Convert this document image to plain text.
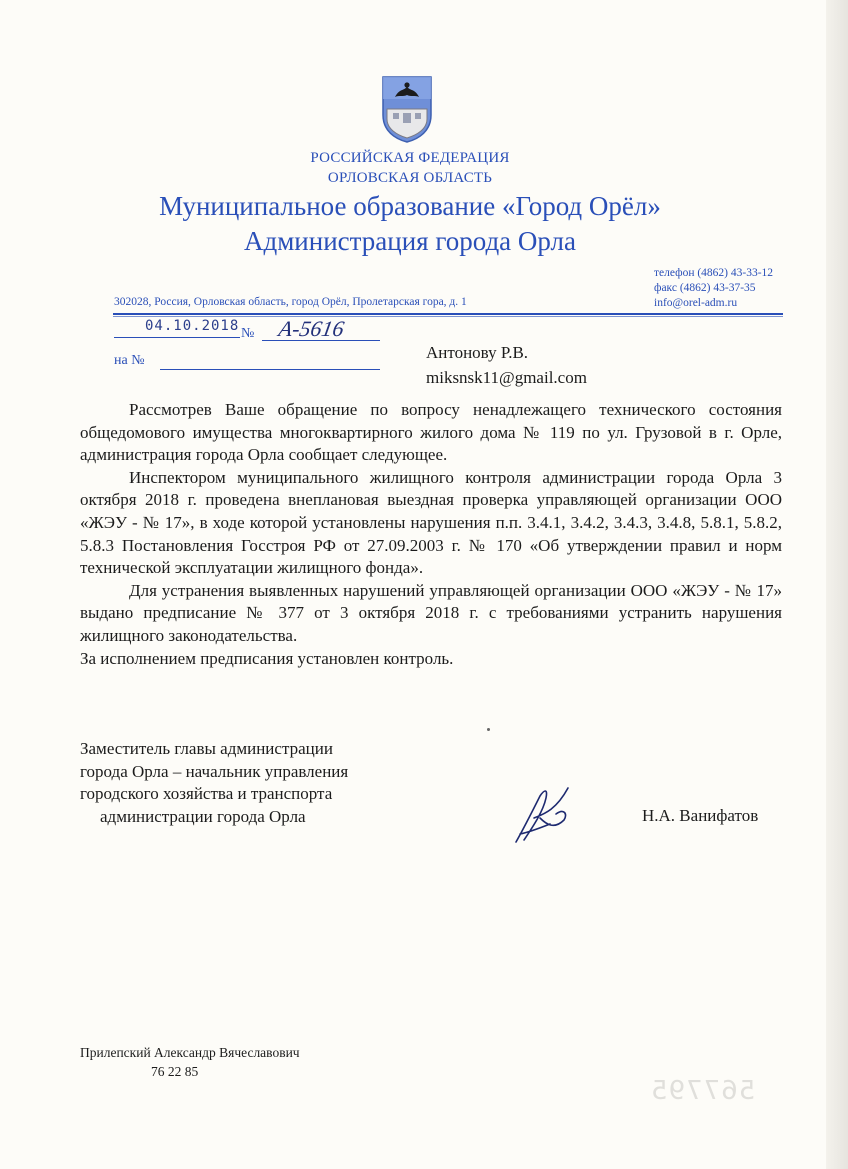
РОССИЙСКАЯ ФЕДЕРАЦИЯ
ОРЛОВСКАЯ ОБЛАСТЬ
Муниципальное образование «Город Орёл»
Администрация города Орла
телефон (4862) 43-33-12
факс (4862) 43-37-35
info@orel-adm.ru
302028, Россия, Орловская область, город Орёл, Пролетарская гора, д. 1
04.10.2018 № А-5616
на №	Антонову Р.В.
miksnsk11@gmail.com

Рассмотрев Ваше обращение по вопросу ненадлежащего технического состояния общедомового имущества многоквартирного жилого дома № 119 по ул. Грузовой в г. Орле, администрация города Орла сообщает следующее.

Инспектором муниципального жилищного контроля администрации города Орла 3 октября 2018 г. проведена внеплановая выездная проверка управляющей организации ООО «ЖЭУ - № 17», в ходе которой установлены нарушения п.п. 3.4.1, 3.4.2, 3.4.3, 3.4.8, 5.8.1, 5.8.2, 5.8.3 Постановления Госстроя РФ от 27.09.2003 г. № 170 «Об утверждении правил и норм технической эксплуатации жилищного фонда».

Для устранения выявленных нарушений управляющей организации ООО «ЖЭУ - № 17» выдано предписание № 377 от 3 октября 2018 г. с требованиями устранить нарушения жилищного законодательства.

За исполнением предписания установлен контроль.

Заместитель главы администрации
города Орла – начальник управления
городского хозяйства и транспорта
администрации города Орла	Н.А. Ванифатов
Прилепский Александр Вячеславович
76 22 85
567795
